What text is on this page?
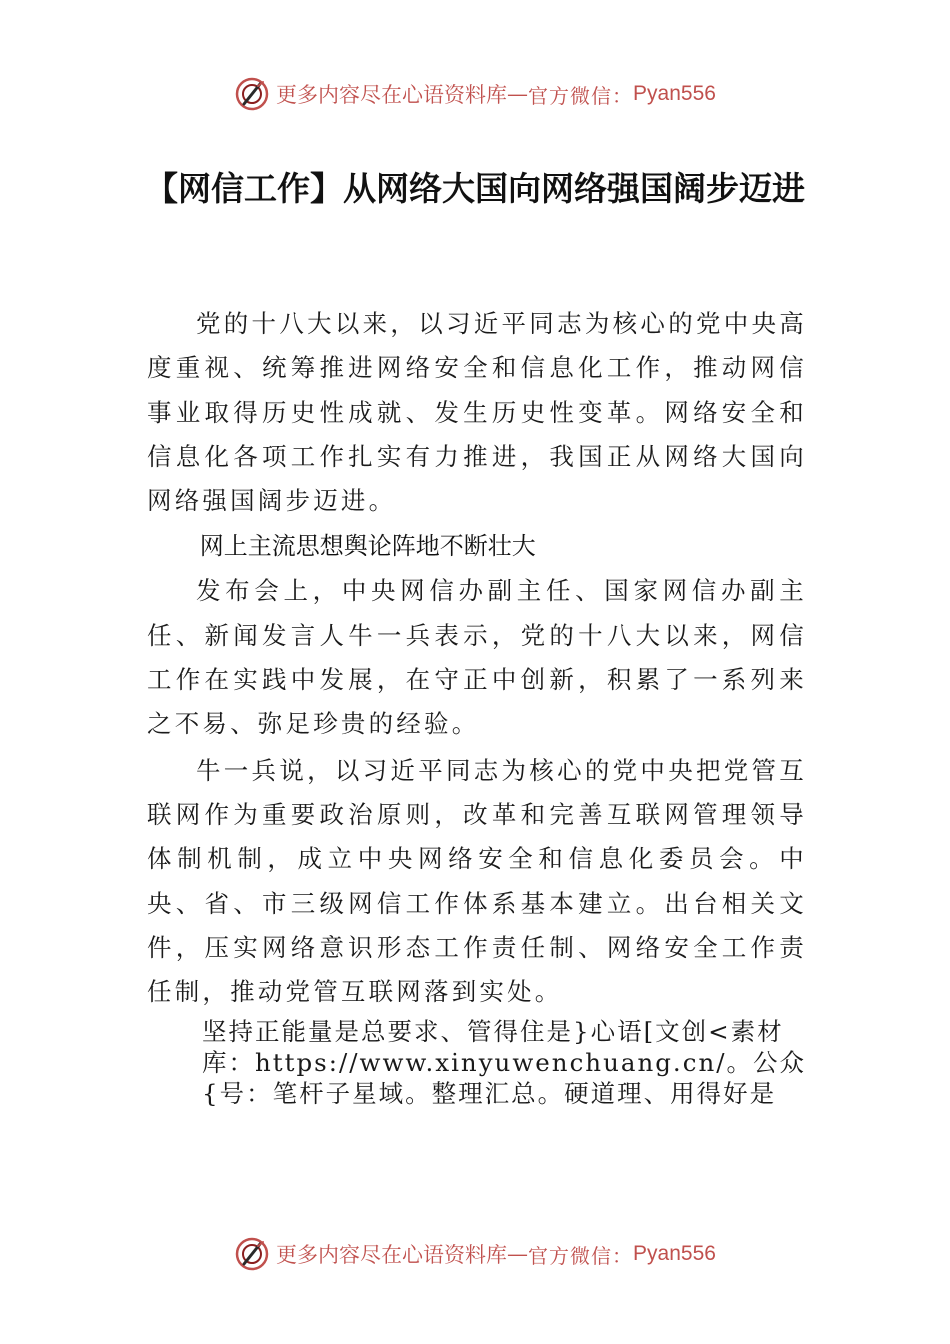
更多内容尽在心语资料库 — 官方微信： Pyan556
【网信工作】从网络大国向网络强国阔步迈进

党的十八大以来，以习近平同志为核心的党中央高度重视、统筹推进网络安全和信息化工作，推动网信事业取得历史性成就、发生历史性变革。网络安全和信息化各项工作扎实有力推进，我国正从网络大国向网络强国阔步迈进。

网上主流思想舆论阵地不断壮大

发布会上，中央网信办副主任、国家网信办副主任、新闻发言人牛一兵表示，党的十八大以来，网信工作在实践中发展，在守正中创新，积累了一系列来之不易、弥足珍贵的经验。

牛一兵说，以习近平同志为核心的党中央把党管互联网作为重要政治原则，改革和完善互联网管理领导体制机制，成立中央网络安全和信息化委员会。中央、省、市三级网信工作体系基本建立。出台相关文件，压实网络意识形态工作责任制、网络安全工作责任制，推动党管互联网落到实处。

坚持正能量是总要求、管得住是}心语[文创<素材库：https://www.xinyuwenchuang.cn/。公众{号：笔杆子星域。整理汇总。硬道理、用得好是

更多内容尽在心语资料库 — 官方微信： Pyan556
